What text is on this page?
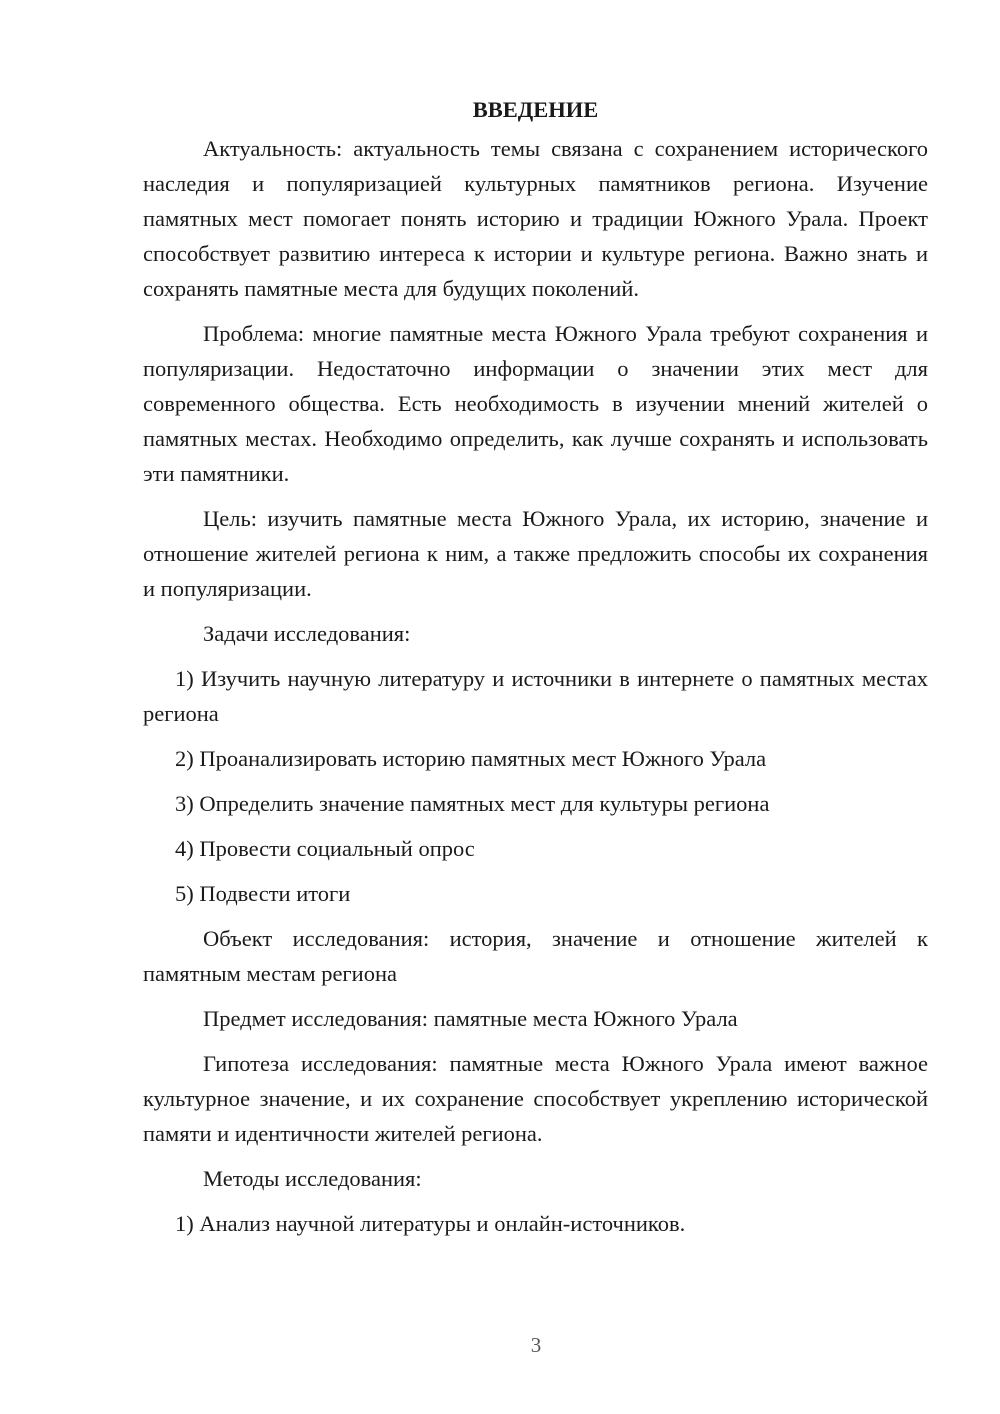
ВВЕДЕНИЕ

Актуальность: актуальность темы связана с сохранением исторического наследия и популяризацией культурных памятников региона. Изучение памятных мест помогает понять историю и традиции Южного Урала. Проект способствует развитию интереса к истории и культуре региона. Важно знать и сохранять памятные места для будущих поколений.

Проблема: многие памятные места Южного Урала требуют сохранения и популяризации. Недостаточно информации о значении этих мест для современного общества. Есть необходимость в изучении мнений жителей о памятных местах. Необходимо определить, как лучше сохранять и использовать эти памятники.

Цель: изучить памятные места Южного Урала, их историю, значение и отношение жителей региона к ним, а также предложить способы их сохранения и популяризации.

Задачи исследования:

1) Изучить научную литературу и источники в интернете о памятных местах региона

2) Проанализировать историю памятных мест Южного Урала

3) Определить значение памятных мест для культуры региона

4) Провести социальный опрос

5) Подвести итоги

Объект исследования: история, значение и отношение жителей к памятным местам региона

Предмет исследования: памятные места Южного Урала

Гипотеза исследования: памятные места Южного Урала имеют важное культурное значение, и их сохранение способствует укреплению исторической памяти и идентичности жителей региона.

Методы исследования:

1) Анализ научной литературы и онлайн-источников.

3
